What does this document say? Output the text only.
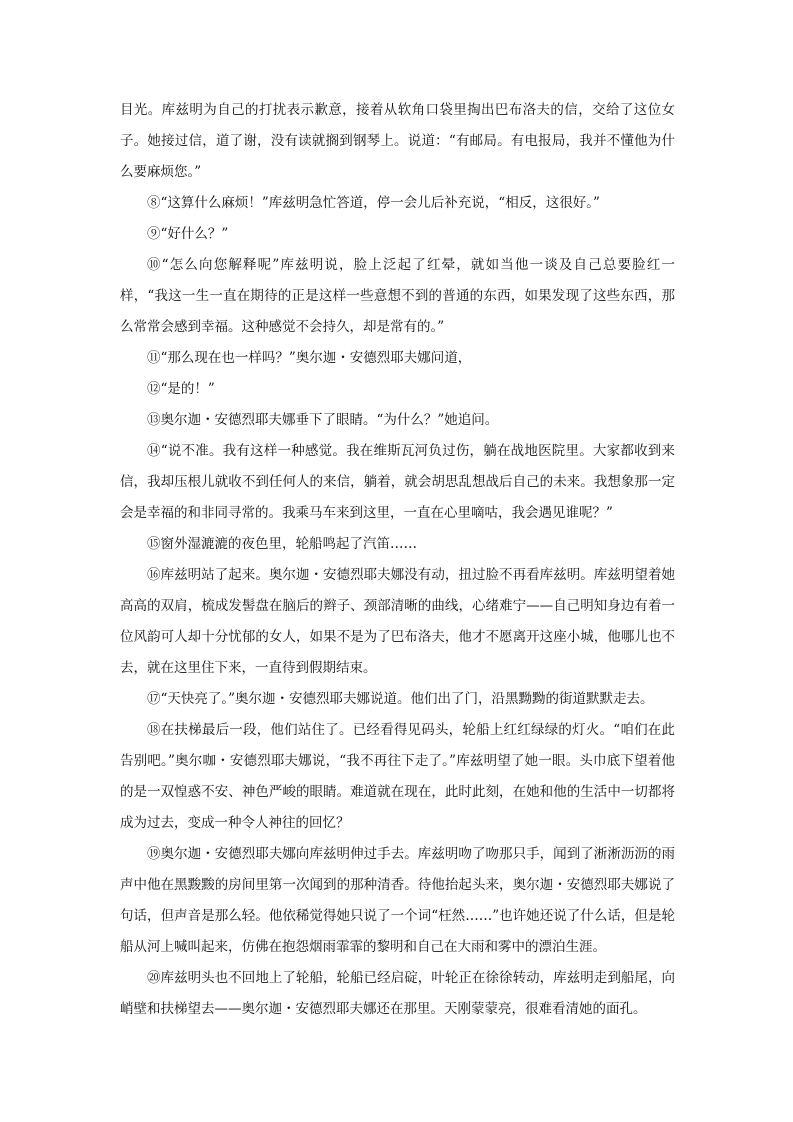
目光。库兹明为自己的打扰表示歉意，接着从软角口袋里掏出巴布洛夫的信，交给了这位女子。她接过信，道了谢，没有读就搁到钢琴上。说道：“有邮局。有电报局，我并不懂他为什么要麻烦您。”

⑧“这算什么麻烦！”库兹明急忙答道，停一会儿后补充说，“相反，这很好。”

⑨“好什么？”

⑩“怎么向您解释呢”库兹明说，脸上泛起了红晕，就如当他一谈及自己总要脸红一样，“我这一生一直在期待的正是这样一些意想不到的普通的东西，如果发现了这些东西，那么常常会感到幸福。这种感觉不会持久，却是常有的。”

⑪“那么现在也一样吗？”奥尔迦・安德烈耶夫娜问道，

⑫“是的！”

⑬奥尔迦・安德烈耶夫娜垂下了眼睛。“为什么？”她追问。

⑭“说不准。我有这样一种感觉。我在维斯瓦河负过伤，躺在战地医院里。大家都收到来信，我却压根儿就收不到任何人的来信，躺着，就会胡思乱想战后自己的未来。我想象那一定会是幸福的和非同寻常的。我乘马车来到这里，一直在心里嘀咕，我会遇见谁呢？”

⑮窗外湿漉漉的夜色里，轮船鸣起了汽笛……

⑯库兹明站了起来。奥尔迦・安德烈耶夫娜没有动，扭过脸不再看库兹明。库兹明望着她高高的双肩，梳成发髻盘在脑后的辫子、颈部清晰的曲线，心绪难宁——自己明知身边有着一位风韵可人却十分忧郁的女人，如果不是为了巴布洛夫，他才不愿离开这座小城，他哪儿也不去，就在这里住下来，一直待到假期结束。

⑰“天快亮了。”奥尔迦・安德烈耶夫娜说道。他们出了门，沿黑黝黝的街道默默走去。

⑱在扶梯最后一段，他们站住了。已经看得见码头，轮船上红红绿绿的灯火。“咱们在此告别吧。”奥尔咖・安德烈耶夫娜说，“我不再往下走了。”库兹明望了她一眼。头巾底下望着他的是一双惶惑不安、神色严峻的眼睛。难道就在现在，此时此刻，在她和他的生活中一切都将成为过去，变成一种令人神往的回忆？

⑲奥尔迦・安德烈耶夫娜向库兹明伸过手去。库兹明吻了吻那只手，闻到了淅淅沥沥的雨声中他在黑黢黢的房间里第一次闻到的那种清香。待他抬起头来，奥尔迦・安德烈耶夫娜说了句话，但声音是那么轻。他依稀觉得她只说了一个词“枉然……”也许她还说了什么话，但是轮船从河上喊叫起来，仿佛在抱怨烟雨霏霏的黎明和自己在大雨和雾中的漂泊生涯。

⑳库兹明头也不回地上了轮船，轮船已经启碇，叶轮正在徐徐转动，库兹明走到船尾，向峭壁和扶梯望去——奥尔迦・安德烈耶夫娜还在那里。天刚蒙蒙亮，很难看清她的面孔。
